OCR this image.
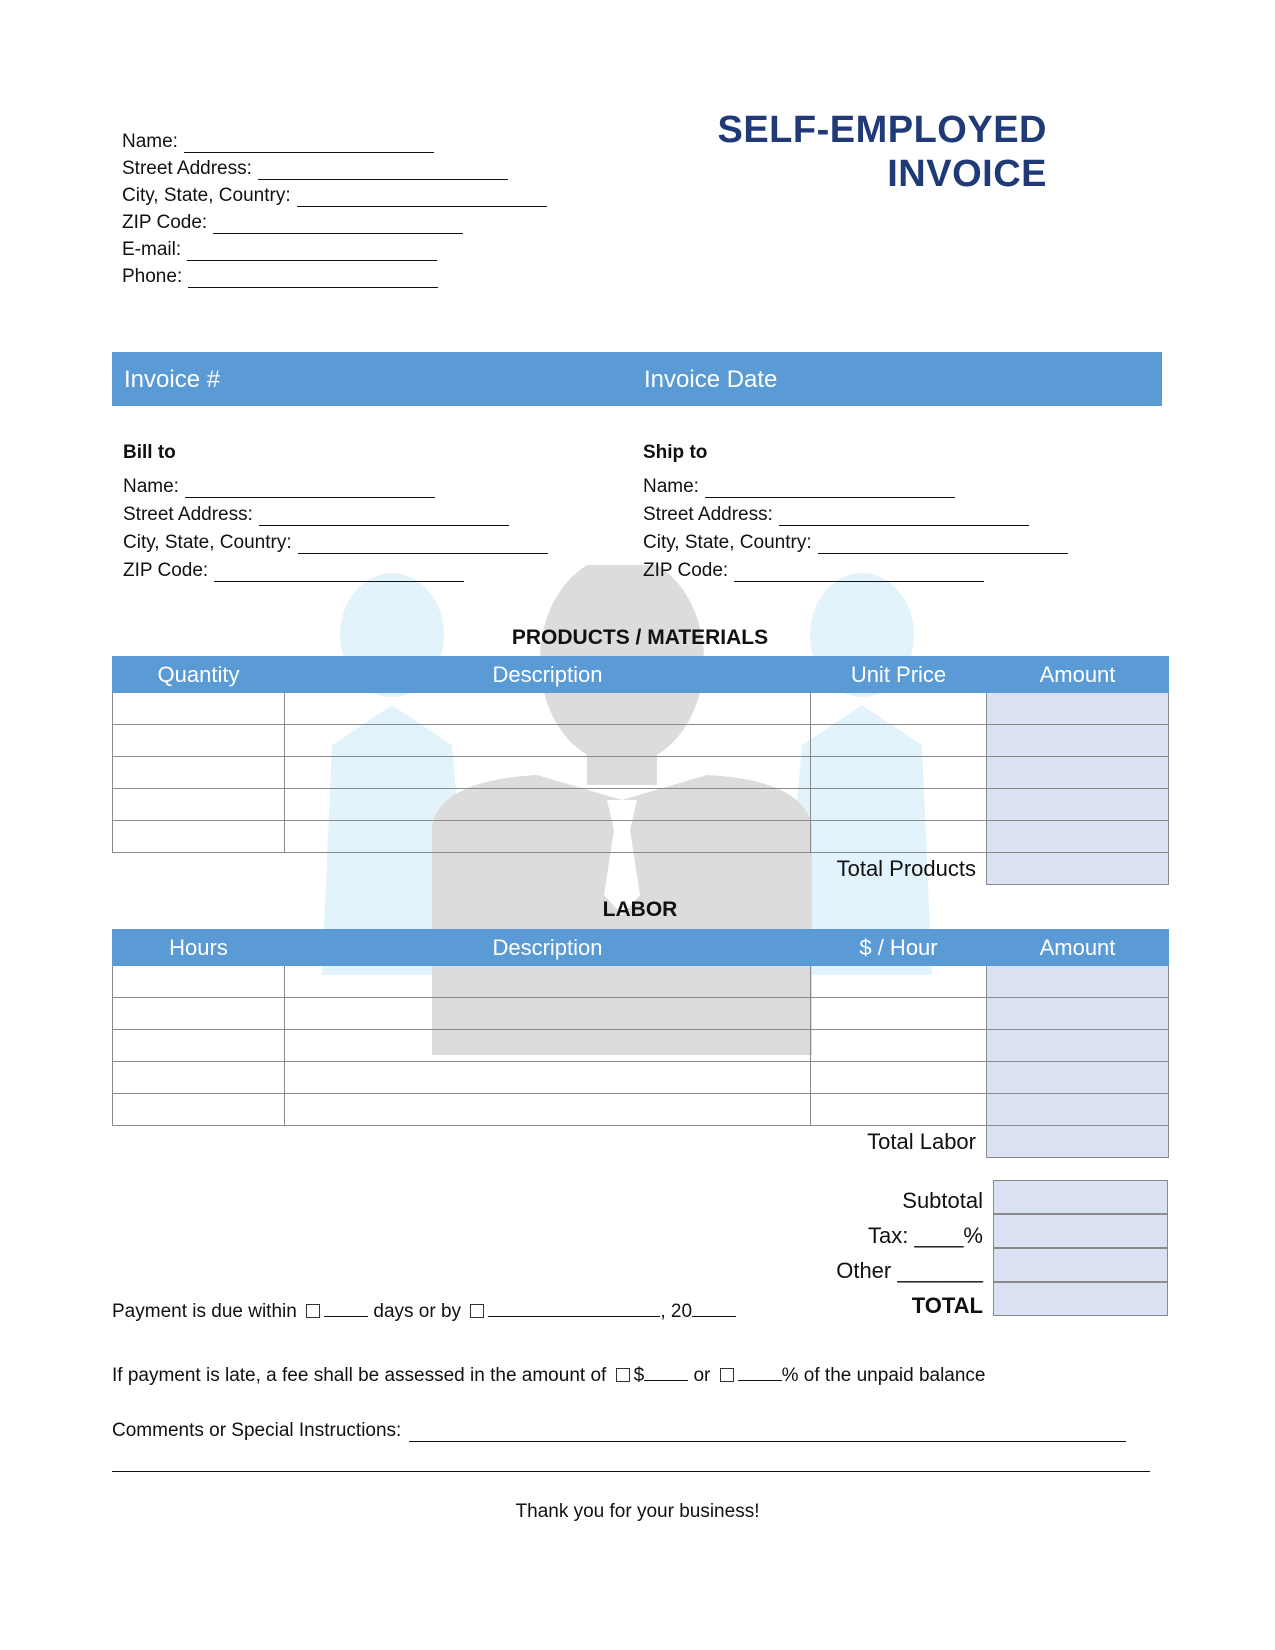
SELF-EMPLOYED
INVOICE
Name:
Street Address:
City, State, Country:
ZIP Code:
E-mail:
Phone:
Invoice #	Invoice Date
Bill to
Name:
Street Address:
City, State, Country:
ZIP Code:
Ship to
Name:
Street Address:
City, State, Country:
ZIP Code:
PRODUCTS / MATERIALS
Quantity	Description	Unit Price	Amount

	Total Products		
LABOR
Hours	Description	$ / Hour	Amount

	Total Labor		
Subtotal
Tax: ____%
Other _______
TOTAL
Payment is due within	days or by	, 20
If payment is late, a fee shall be assessed in the amount of $	or	% of the unpaid balance
Comments or Special Instructions:
Thank you for your business!
